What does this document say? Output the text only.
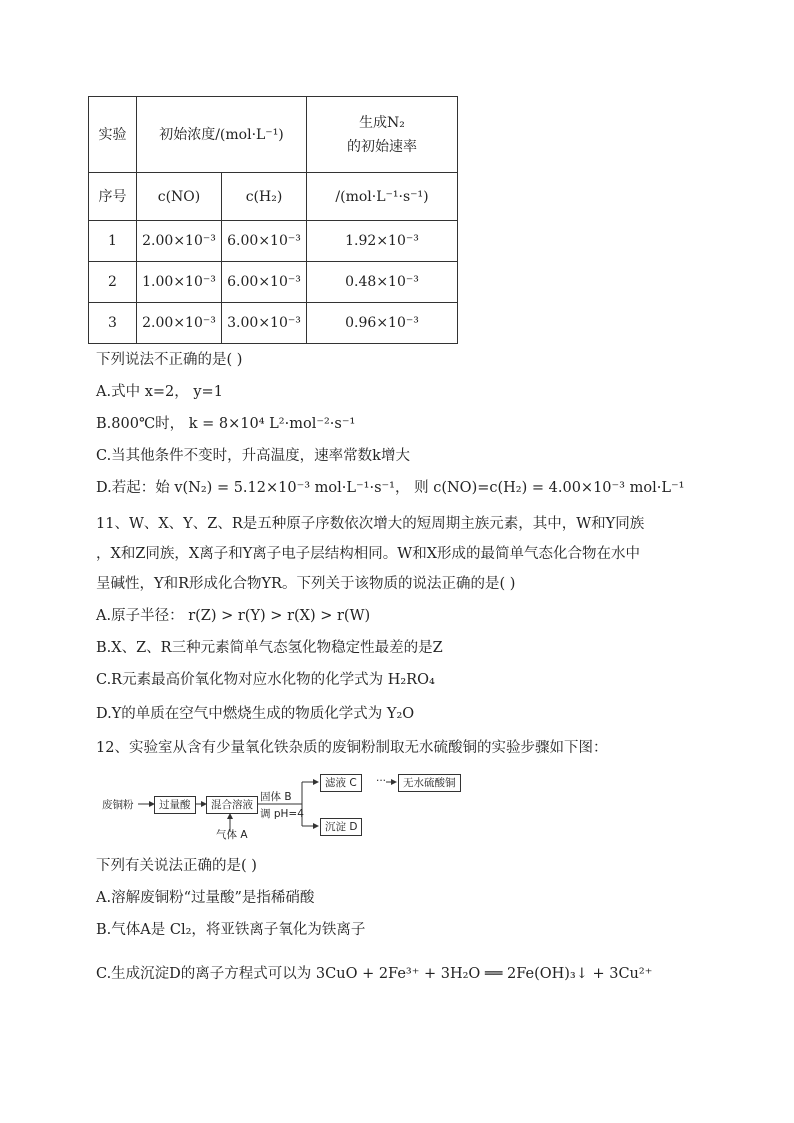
实验	初始浓度/(mol·L⁻¹)		生成N₂
的初始速率

序号	c(NO)	c(H₂)	/(mol·L⁻¹·s⁻¹)
1	2.00×10⁻³	6.00×10⁻³	1.92×10⁻³
2	1.00×10⁻³	6.00×10⁻³	0.48×10⁻³
3	2.00×10⁻³	3.00×10⁻³	0.96×10⁻³
下列说法不正确的是( )
A.式中 x=2， y=1
B.800℃时， k = 8×10⁴ L²·mol⁻²·s⁻¹
C.当其他条件不变时，升高温度，速率常数k增大
D.若起：始 v(N₂) = 5.12×10⁻³ mol·L⁻¹·s⁻¹， 则 c(NO)=c(H₂) = 4.00×10⁻³ mol·L⁻¹
11、W、X、Y、Z、R是五种原子序数依次增大的短周期主族元素，其中，W和Y同族
，X和Z同族，X离子和Y离子电子层结构相同。W和X形成的最简单气态化合物在水中
呈碱性，Y和R形成化合物YR。下列关于该物质的说法正确的是( )
A.原子半径： r(Z) > r(Y) > r(X) > r(W)
B.X、Z、R三种元素简单气态氢化物稳定性最差的是Z
C.R元素最高价氧化物对应水化物的化学式为 H₂RO₄
D.Y的单质在空气中燃烧生成的物质化学式为 Y₂O
12、实验室从含有少量氧化铁杂质的废铜粉制取无水硫酸铜的实验步骤如下图：
废铜粉	过量酸	混合溶液
气体 A
固体 B
调 pH=4
滤液 C	···	无水硫酸铜
沉淀 D
下列有关说法正确的是( )
A.溶解废铜粉“过量酸”是指稀硝酸
B.气体A是 Cl₂，将亚铁离子氧化为铁离子
C.生成沉淀D的离子方程式可以为 3CuO + 2Fe³⁺ + 3H₂O ══ 2Fe(OH)₃↓ + 3Cu²⁺
